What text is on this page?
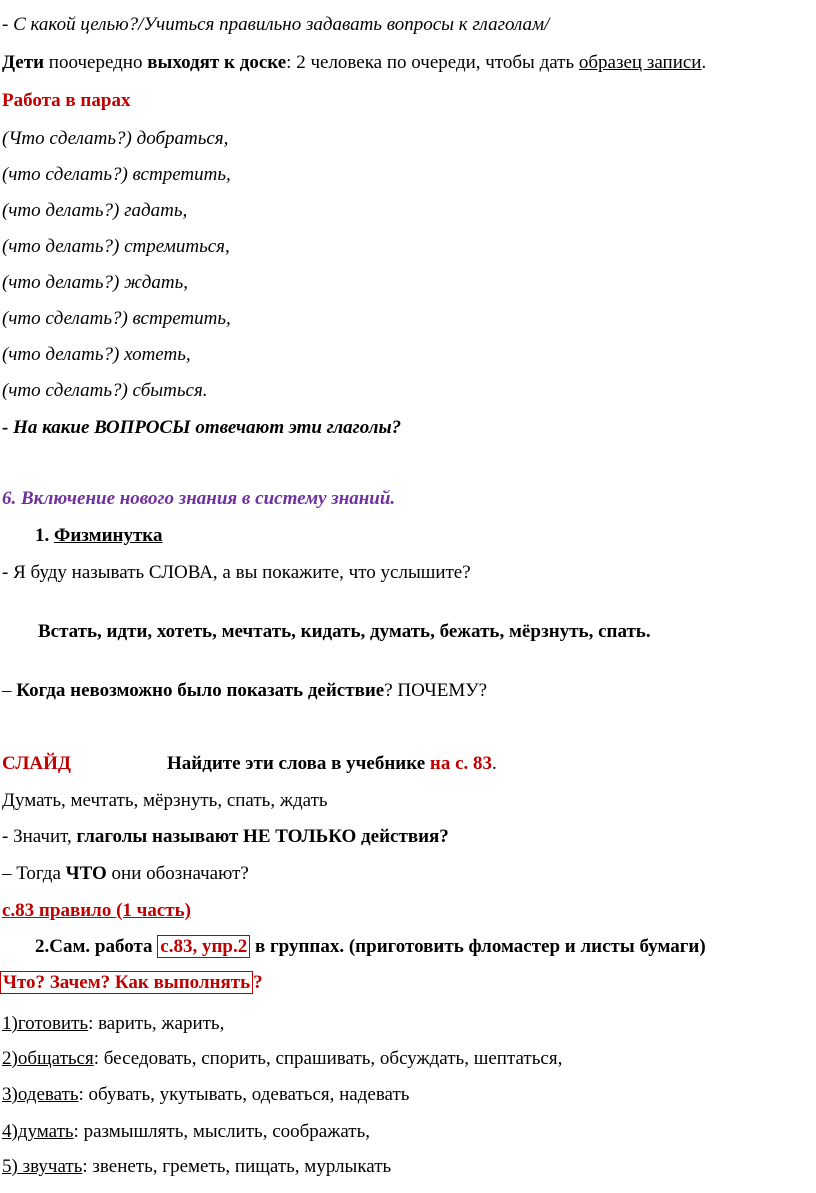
- С какой целью?/Учиться правильно задавать вопросы к глаголам/
Дети поочередно выходят к доске: 2 человека по очереди, чтобы дать образец записи.
Работа в парах
(Что сделать?) добраться,
(что сделать?) встретить,
(что делать?) гадать,
(что делать?) стремиться,
(что делать?) ждать,
(что сделать?) встретить,
(что делать?) хотеть,
(что сделать?) сбыться.
- На какие ВОПРОСЫ отвечают эти глаголы?
6. Включение нового знания в систему знаний.
1. Физминутка
- Я буду называть СЛОВА, а вы покажите, что услышите?
Встать, идти, хотеть, мечтать, кидать, думать, бежать, мёрзнуть, спать.
– Когда невозможно было показать действие? ПОЧЕМУ?
СЛАЙД	Найдите эти слова в учебнике на с. 83.
Думать, мечтать, мёрзнуть, спать, ждать
- Значит, глаголы называют НЕ ТОЛЬКО действия?
– Тогда ЧТО они обозначают?
с.83 правило (1 часть)
2.Сам. работа с.83, упр.2 в группах. (приготовить фломастер и листы бумаги)
Что? Зачем? Как выполнять ?
1)готовить: варить, жарить,
2)общаться: беседовать, спорить, спрашивать, обсуждать, шептаться,
3)одевать: обувать, укутывать, одеваться, надевать
4)думать: размышлять, мыслить, соображать,
5) звучать: звенеть, греметь, пищать, мурлыкать
